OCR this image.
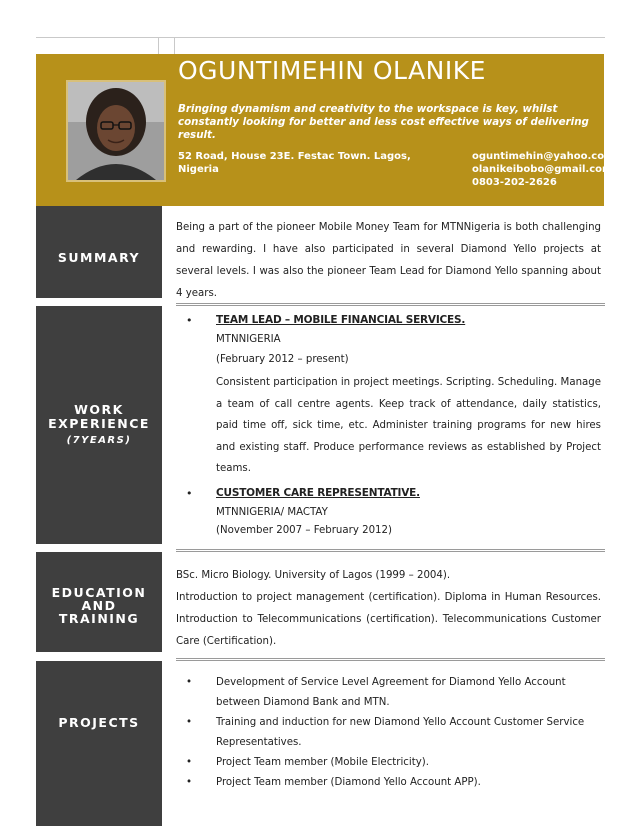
OGUNTIMEHIN OLANIKE
Bringing dynamism and creativity to the workspace is key, whilst constantly looking for better and less cost effective ways of delivering result.
52 Road, House 23E. Festac Town. Lagos,
Nigeria
oguntimehin@yahoo.com
olanikeibobo@gmail.com
0803-202-2626
SUMMARY

Being a part of the pioneer Mobile Money Team for MTNNigeria is both challenging and rewarding. I have also participated in several Diamond Yello projects at several levels. I was also the pioneer Team Lead for Diamond Yello spanning about 4 years.

WORK
EXPERIENCE
(7YEARS)
• TEAM LEAD – MOBILE FINANCIAL SERVICES.
MTNNIGERIA
(February 2012 – present)
Consistent participation in project meetings. Scripting. Scheduling. Manage a team of call centre agents. Keep track of attendance, daily statistics, paid time off, sick time, etc. Administer training programs for new hires and existing staff. Produce performance reviews as established by Project teams.
• CUSTOMER CARE REPRESENTATIVE.
MTNNIGERIA/ MACTAY
(November 2007 – February 2012)
EDUCATION
AND
TRAINING

BSc. Micro Biology. University of Lagos (1999 – 2004).

Introduction to project management (certification). Diploma in Human Resources. Introduction to Telecommunications (certification). Telecommunications Customer Care (Certification).

PROJECTS
• Development of Service Level Agreement for Diamond Yello Account between Diamond Bank and MTN.
• Training and induction for new Diamond Yello Account Customer Service Representatives.
• Project Team member (Mobile Electricity).
• Project Team member (Diamond Yello Account APP).
